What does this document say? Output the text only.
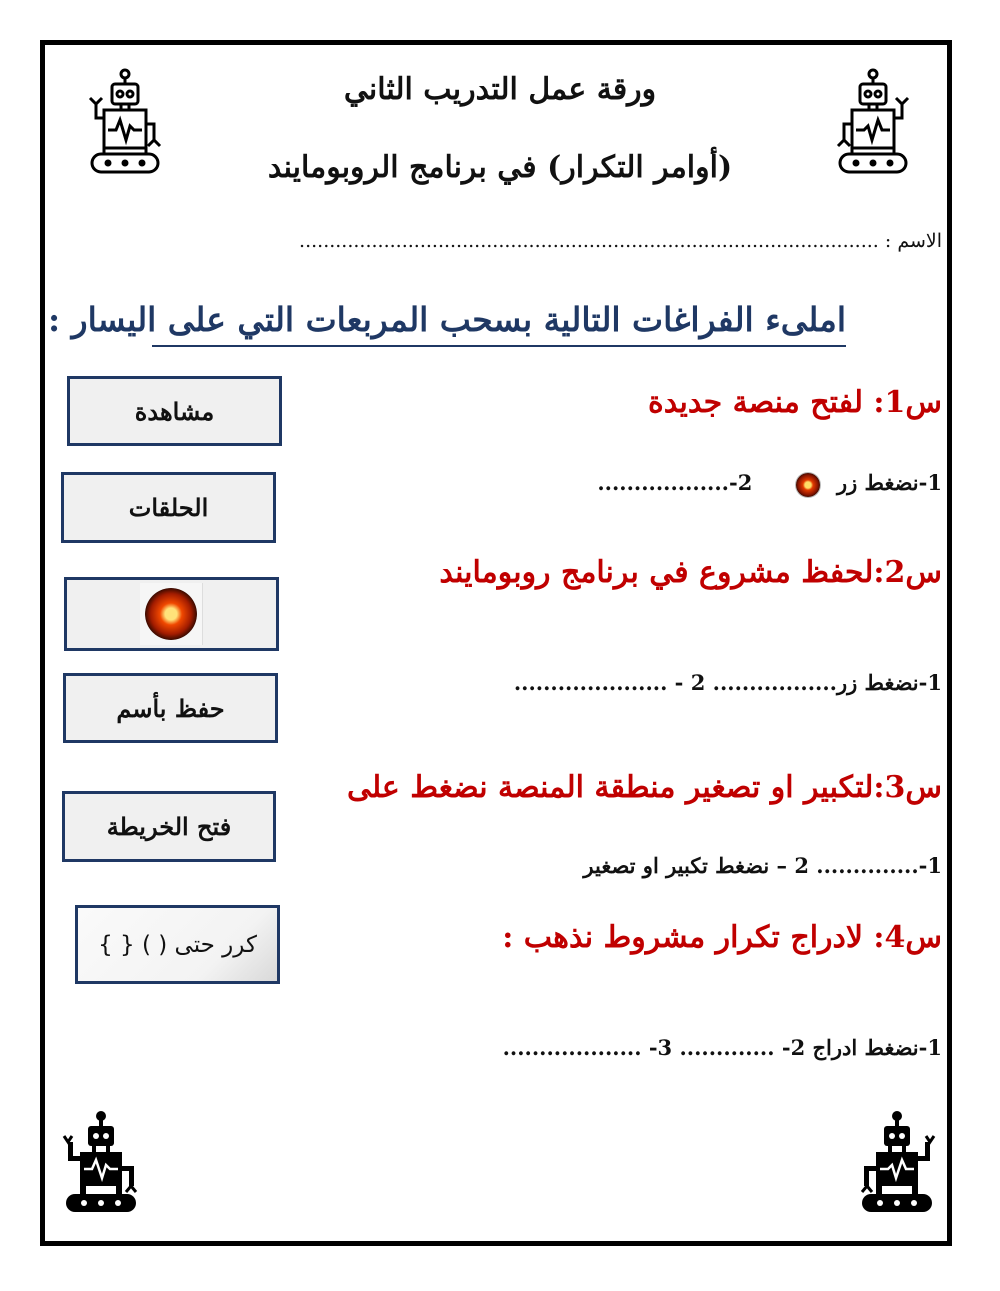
ورقة عمل التدريب الثاني
(أوامر التكرار) في برنامج الروبومايند
الاسم : ................................................................................................
املىء الفراغات التالية بسحب المربعات التي على اليسار :
س1: لفتح منصة جديدة
1-نضغط زر  2-..................
س2:لحفظ مشروع في برنامج روبومايند
1-نضغط زر................. 2 - .....................
س3:لتكبير او تصغير منطقة المنصة نضغط على
1-.............. 2 – نضغط تكبير او تصغير
س4: لادراج تكرار مشروط نذهب :
1-نضغط ادراج 2- ............. 3- ...................
مشاهدة
الحلقات
حفظ بأسم
فتح الخريطة
كرر حتى ( ) { }
